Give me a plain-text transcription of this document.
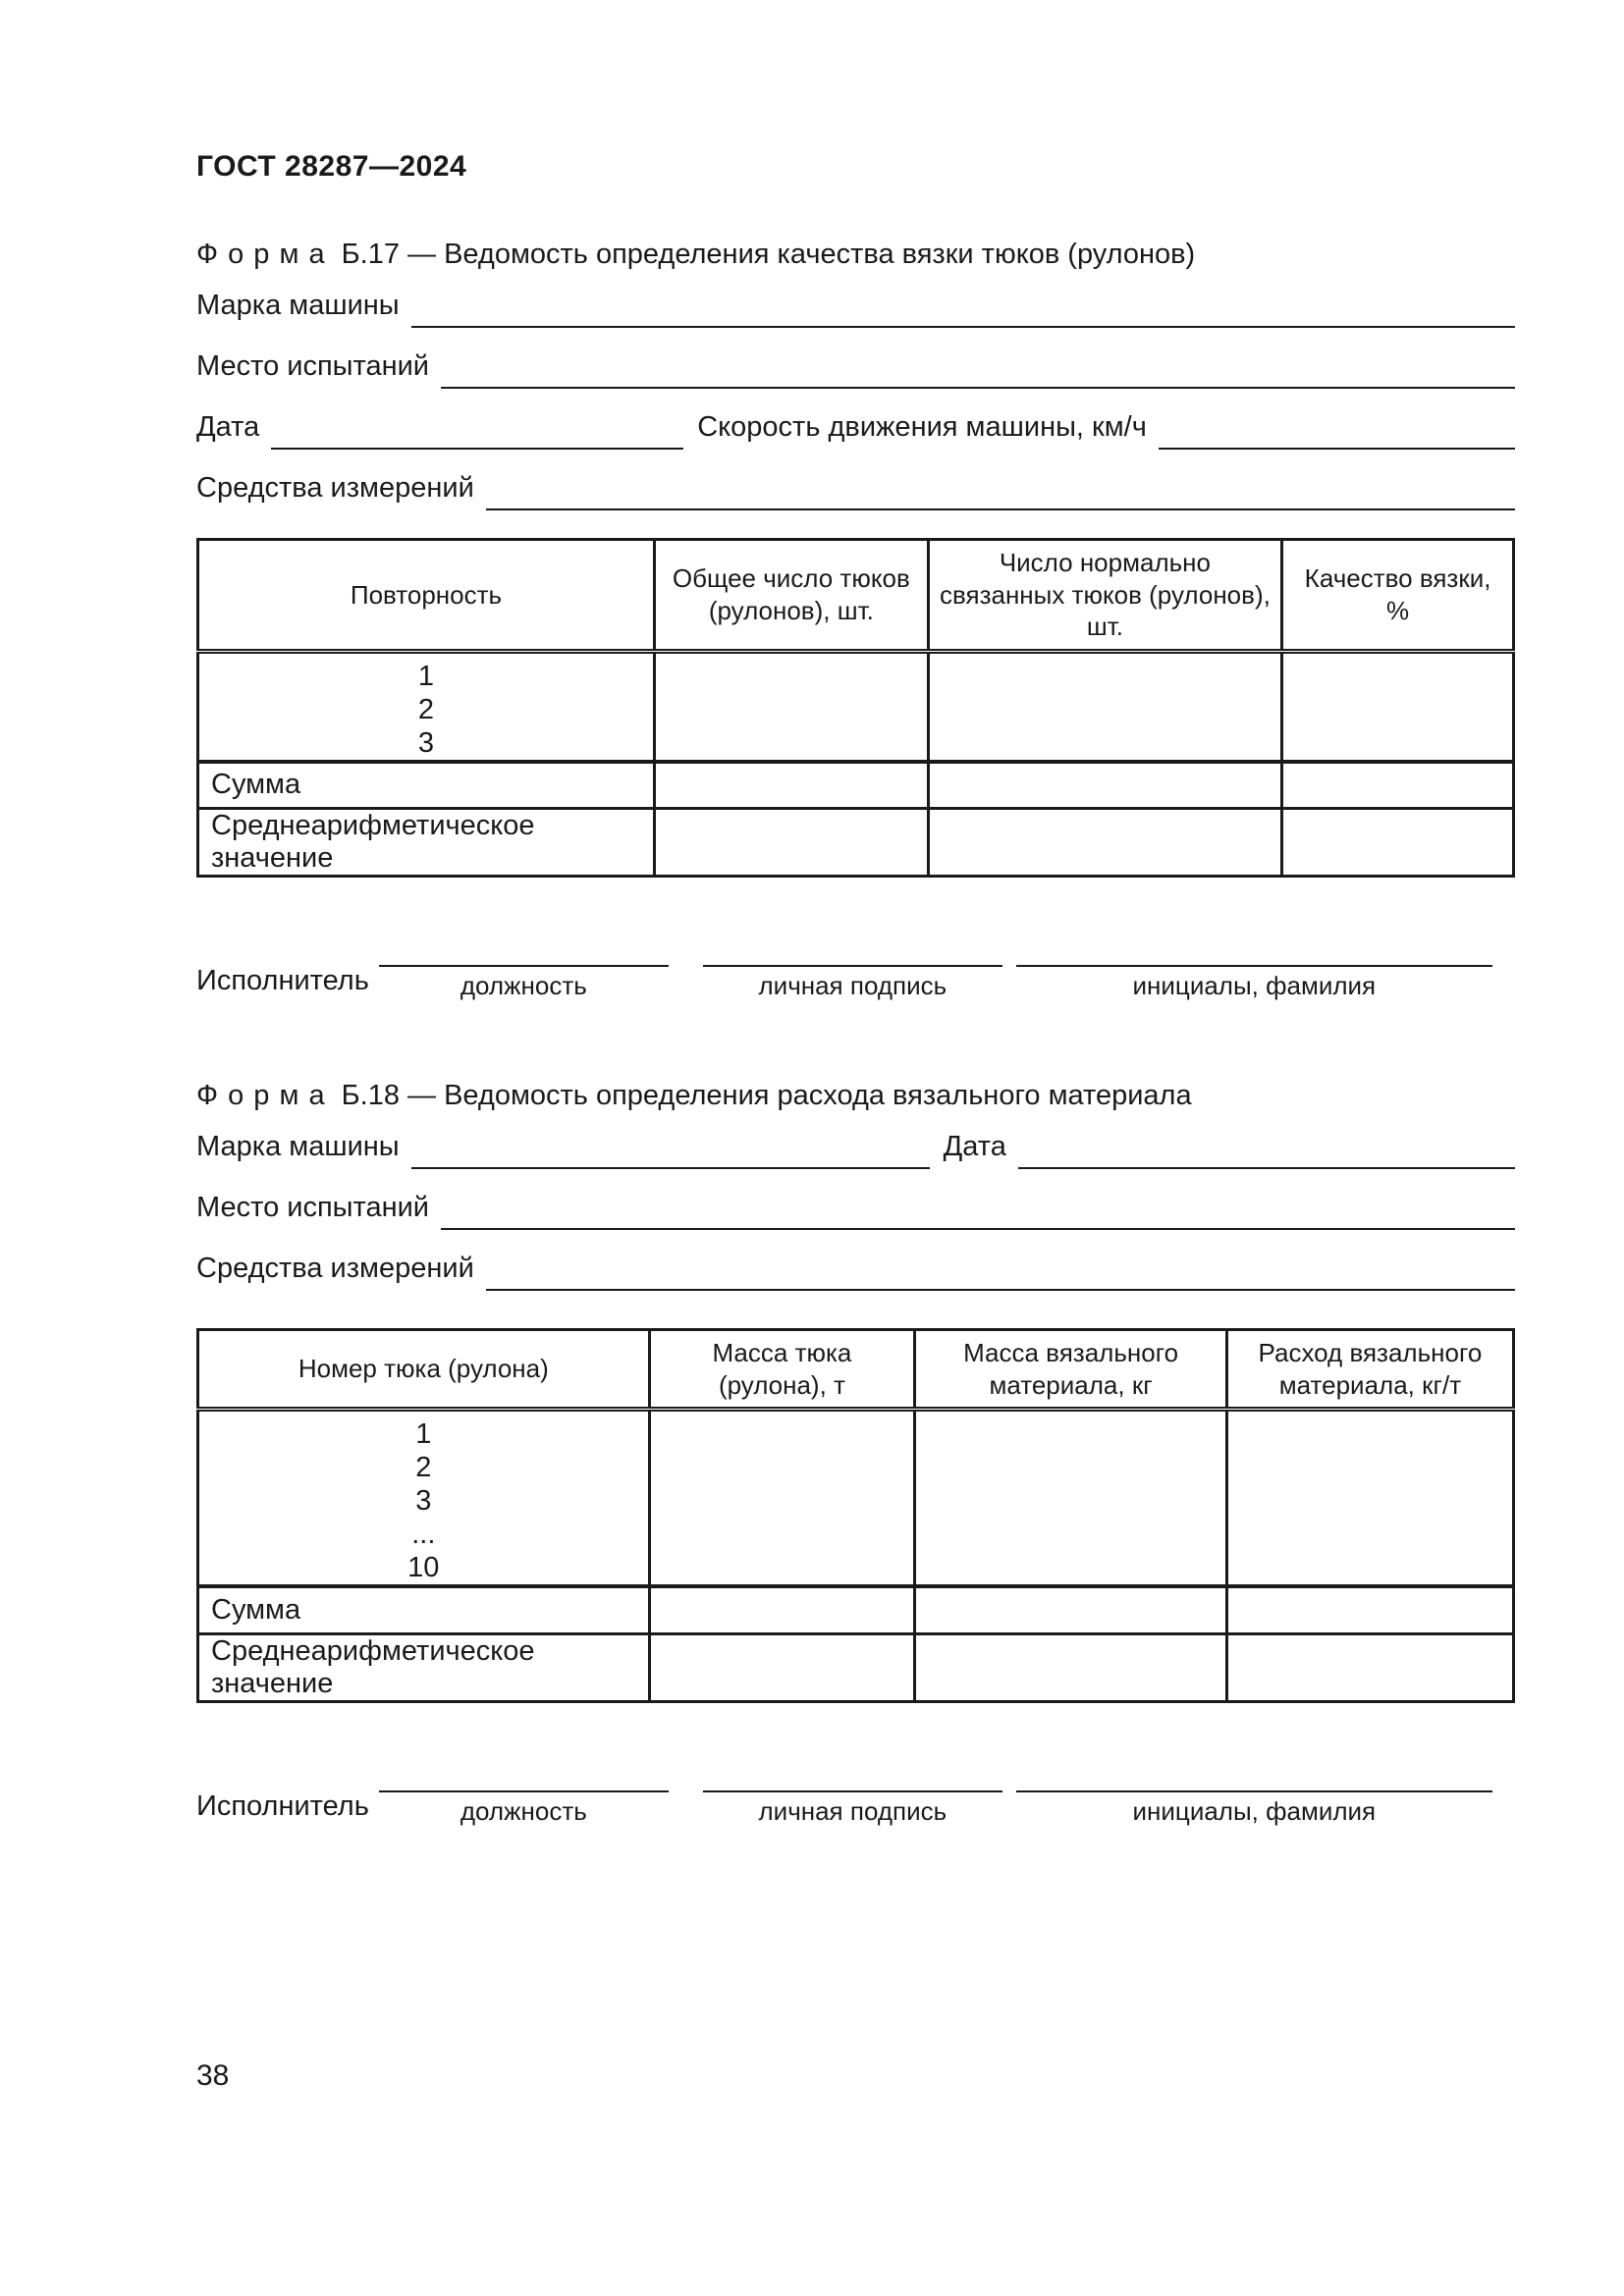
ГОСТ 28287—2024
Ф о р м а Б.17 — Ведомость определения качества вязки тюков (рулонов)
Марка машины
Место испытаний
Дата	Скорость движения машины, км/ч
Средства измерений
Повторность	Общее число тюков (рулонов), шт.	Число нормально связанных тюков (рулонов), шт.	Качество вязки, %

1
2
3			

Сумма			
Среднеарифметическое значение			
Исполнитель	должность	личная подпись	инициалы, фамилия
Ф о р м а Б.18 — Ведомость определения расхода вязального материала
Марка машины	Дата
Место испытаний
Средства измерений
Номер тюка (рулона)	Масса тюка (рулона), т	Масса вязального материала, кг	Расход вязального материала, кг/т

1
2
3
...
10			

Сумма			
Среднеарифметическое значение			
Исполнитель	должность	личная подпись	инициалы, фамилия
38
